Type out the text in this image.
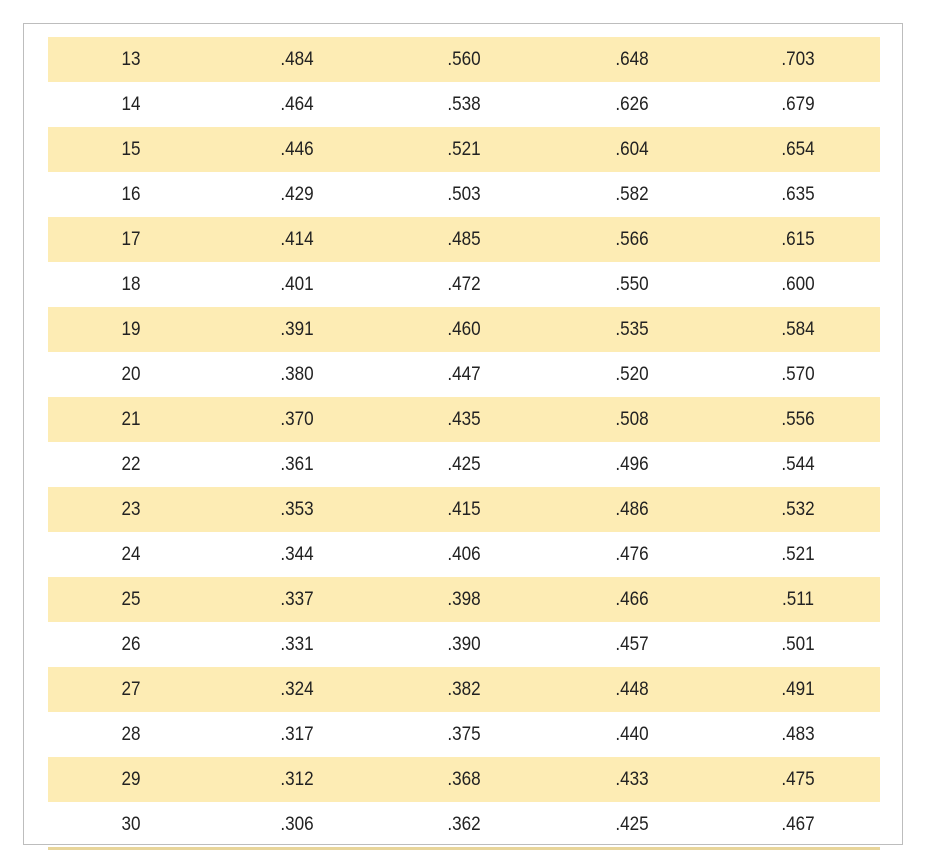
13	.484	.560	.648	.703
14	.464	.538	.626	.679
15	.446	.521	.604	.654
16	.429	.503	.582	.635
17	.414	.485	.566	.615
18	.401	.472	.550	.600
19	.391	.460	.535	.584
20	.380	.447	.520	.570
21	.370	.435	.508	.556
22	.361	.425	.496	.544
23	.353	.415	.486	.532
24	.344	.406	.476	.521
25	.337	.398	.466	.511
26	.331	.390	.457	.501
27	.324	.382	.448	.491
28	.317	.375	.440	.483
29	.312	.368	.433	.475
30	.306	.362	.425	.467
